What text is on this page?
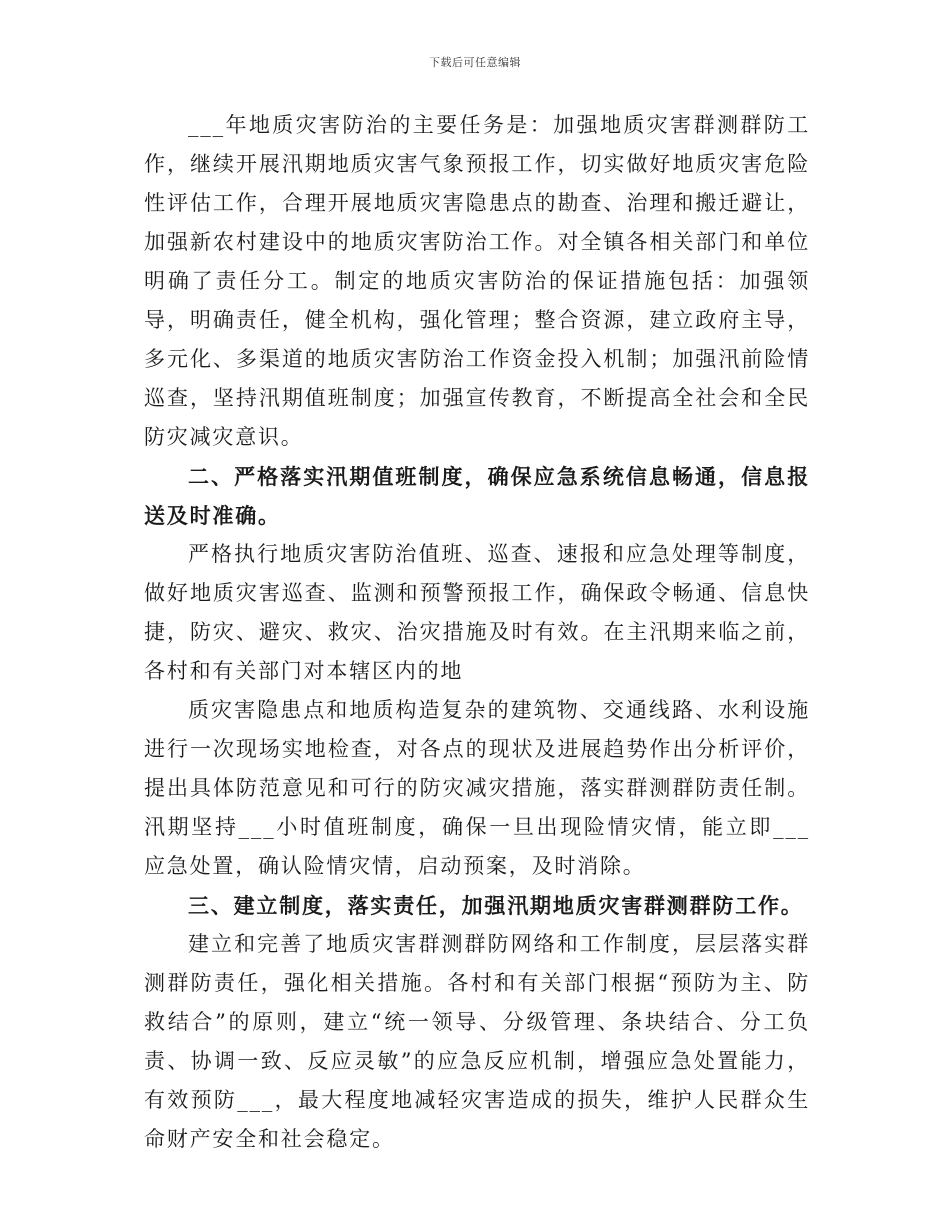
下载后可任意编辑

___年地质灾害防治的主要任务是：加强地质灾害群测群防工作，继续开展汛期地质灾害气象预报工作，切实做好地质灾害危险性评估工作，合理开展地质灾害隐患点的勘查、治理和搬迁避让，加强新农村建设中的地质灾害防治工作。对全镇各相关部门和单位明确了责任分工。制定的地质灾害防治的保证措施包括：加强领导，明确责任，健全机构，强化管理；整合资源，建立政府主导，多元化、多渠道的地质灾害防治工作资金投入机制；加强汛前险情巡查，坚持汛期值班制度；加强宣传教育，不断提高全社会和全民防灾减灾意识。

二、严格落实汛期值班制度，确保应急系统信息畅通，信息报送及时准确。

严格执行地质灾害防治值班、巡查、速报和应急处理等制度，做好地质灾害巡查、监测和预警预报工作，确保政令畅通、信息快捷，防灾、避灾、救灾、治灾措施及时有效。在主汛期来临之前，各村和有关部门对本辖区内的地

质灾害隐患点和地质构造复杂的建筑物、交通线路、水利设施进行一次现场实地检查，对各点的现状及进展趋势作出分析评价，提出具体防范意见和可行的防灾减灾措施，落实群测群防责任制。汛期坚持___小时值班制度，确保一旦出现险情灾情，能立即___应急处置，确认险情灾情，启动预案，及时消除。

三、建立制度，落实责任，加强汛期地质灾害群测群防工作。

建立和完善了地质灾害群测群防网络和工作制度，层层落实群测群防责任，强化相关措施。各村和有关部门根据“预防为主、防救结合”的原则，建立“统一领导、分级管理、条块结合、分工负责、协调一致、反应灵敏”的应急反应机制，增强应急处置能力，有效预防___，最大程度地减轻灾害造成的损失，维护人民群众生命财产安全和社会稳定。
